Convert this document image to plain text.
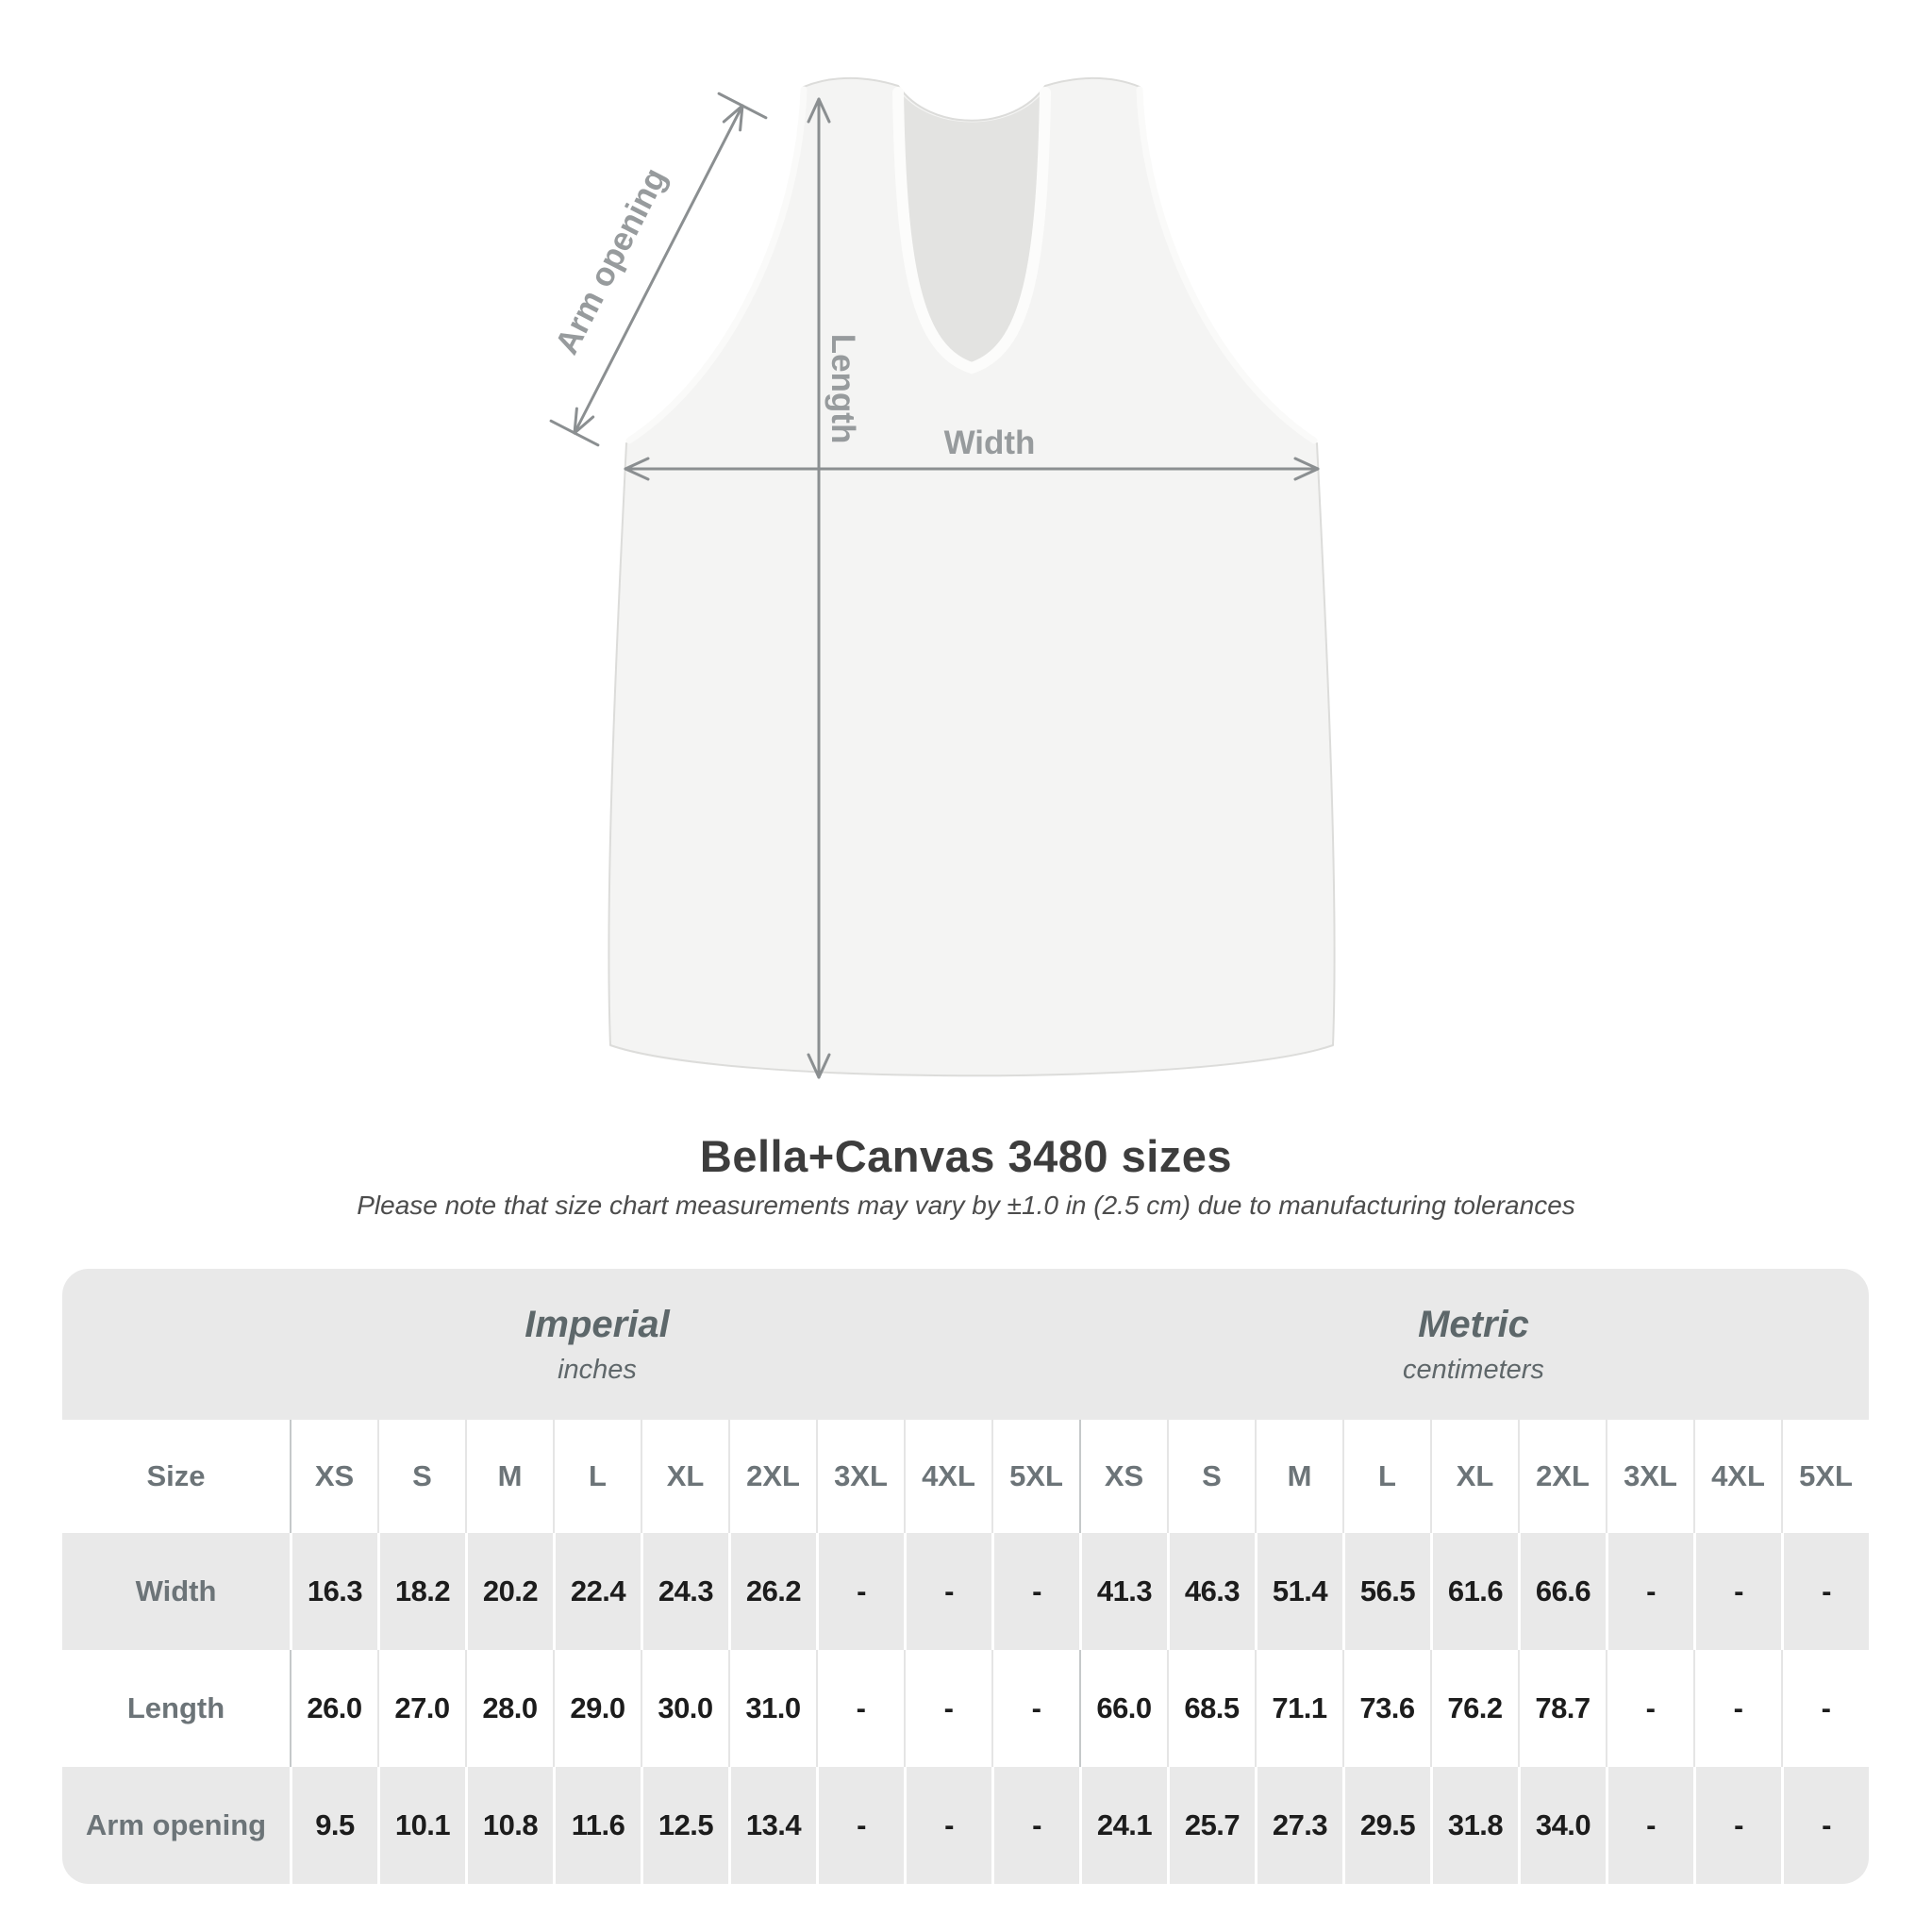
Width
Length
Arm opening
Bella+Canvas 3480 sizes

Please note that size chart measurements may vary by ±1.0 in (2.5 cm) due to manufacturing tolerances

Imperial
inches
Metric
centimeters
Size	XS	S	M	L	XL	2XL	3XL	4XL	5XL	XS	S	M	L	XL	2XL	3XL	4XL	5XL
Width	16.3	18.2	20.2	22.4	24.3	26.2	-	-	-	41.3	46.3	51.4	56.5	61.6	66.6	-	-	-
Length	26.0	27.0	28.0	29.0	30.0	31.0	-	-	-	66.0	68.5	71.1	73.6	76.2	78.7	-	-	-
Arm opening	9.5	10.1	10.8	11.6	12.5	13.4	-	-	-	24.1	25.7	27.3	29.5	31.8	34.0	-	-	-
